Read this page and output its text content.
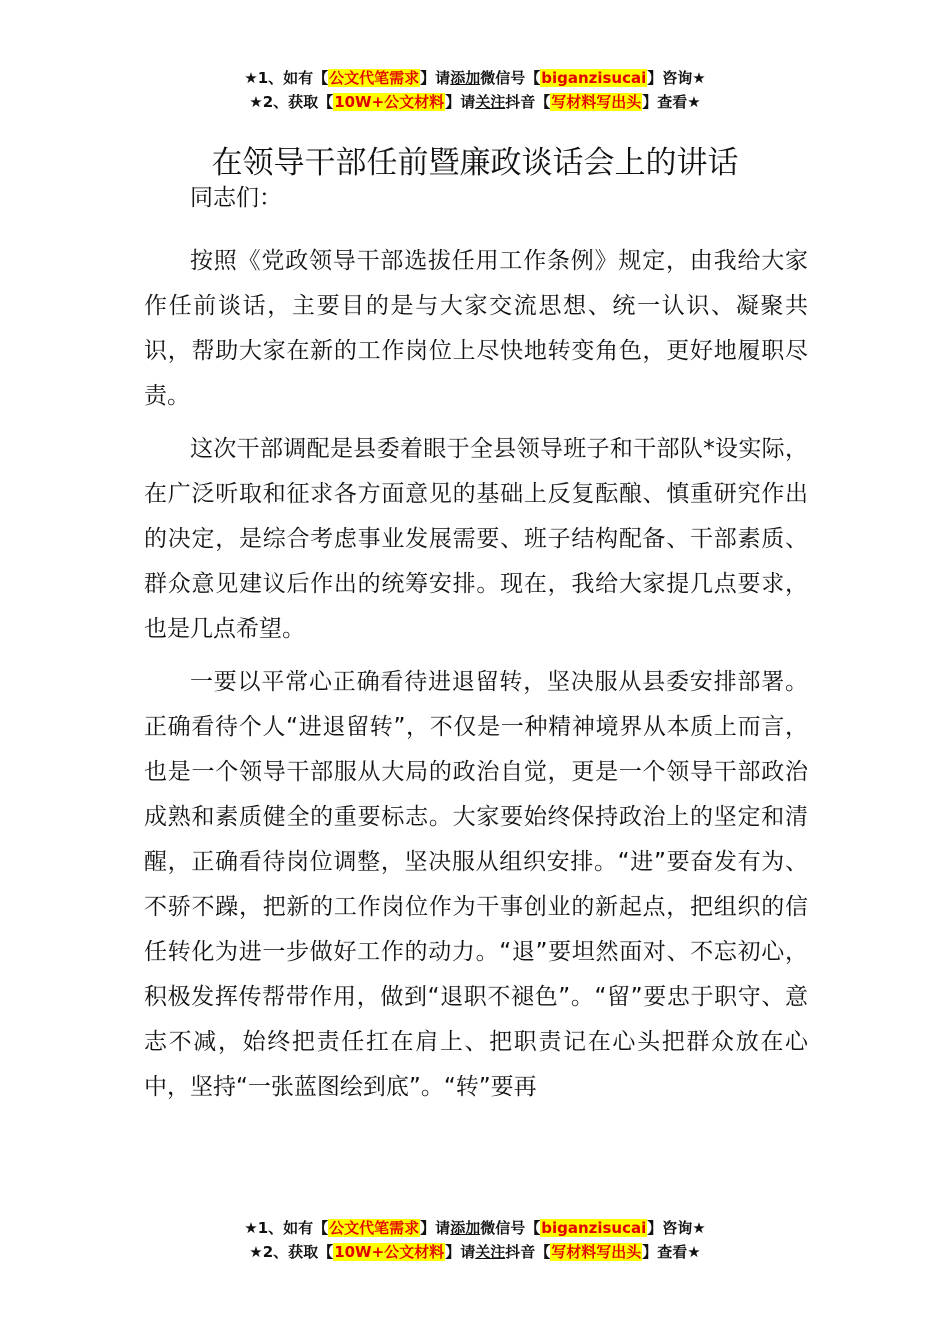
★1、如有【公文代笔需求】请添加微信号【biganzisucai】咨询★
★2、获取【10W+公文材料】请关注抖音【写材料写出头】查看★
在领导干部任前暨廉政谈话会上的讲话

同志们：

按照《党政领导干部选拔任用工作条例》规定，由我给大家作任前谈话，主要目的是与大家交流思想、统一认识、凝聚共识，帮助大家在新的工作岗位上尽快地转变角色，更好地履职尽责。

这次干部调配是县委着眼于全县领导班子和干部队*设实际，在广泛听取和征求各方面意见的基础上反复酝酿、慎重研究作出的决定，是综合考虑事业发展需要、班子结构配备、干部素质、群众意见建议后作出的统筹安排。现在，我给大家提几点要求，也是几点希望。

一要以平常心正确看待进退留转，坚决服从县委安排部署。正确看待个人“进退留转”，不仅是一种精神境界从本质上而言，也是一个领导干部服从大局的政治自觉，更是一个领导干部政治成熟和素质健全的重要标志。大家要始终保持政治上的坚定和清醒，正确看待岗位调整，坚决服从组织安排。“进”要奋发有为、不骄不躁，把新的工作岗位作为干事创业的新起点，把组织的信任转化为进一步做好工作的动力。“退”要坦然面对、不忘初心，积极发挥传帮带作用，做到“退职不褪色”。“留”要忠于职守、意志不减，始终把责任扛在肩上、把职责记在心头把群众放在心中，坚持“一张蓝图绘到底”。“转”要再

★1、如有【公文代笔需求】请添加微信号【biganzisucai】咨询★
★2、获取【10W+公文材料】请关注抖音【写材料写出头】查看★
